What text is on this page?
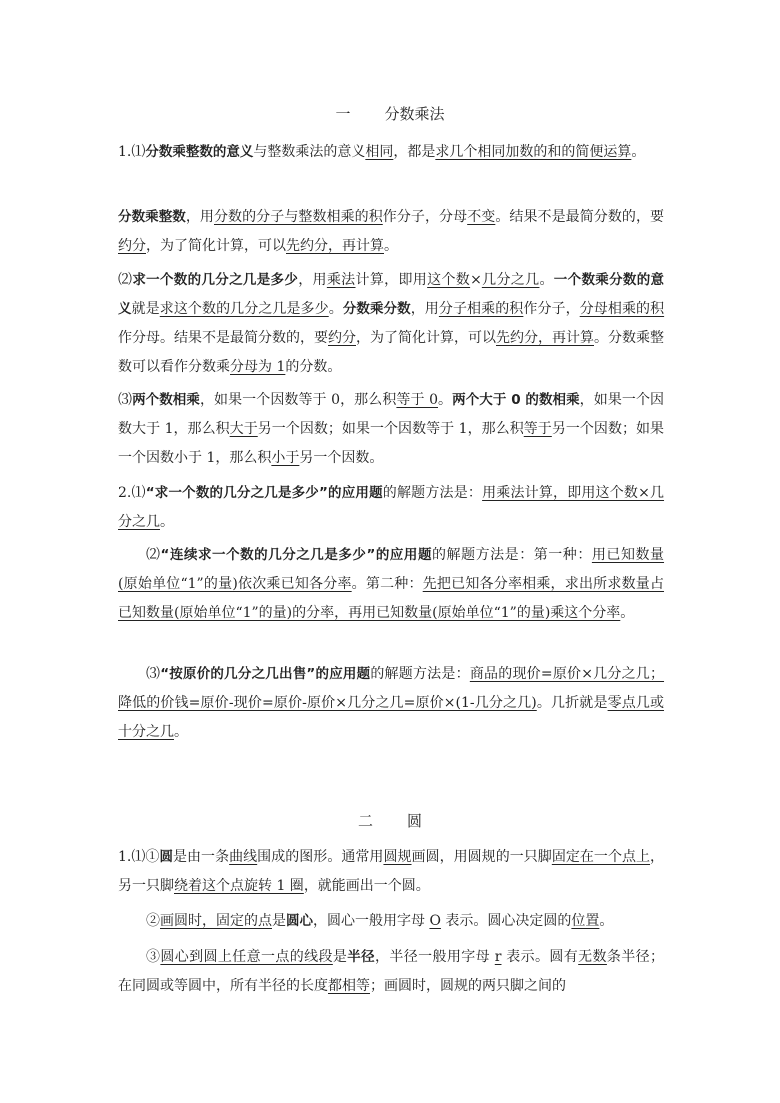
一 分数乘法

1.⑴分数乘整数的意义与整数乘法的意义相同，都是求几个相同加数的和的简便运算。

分数乘整数，用分数的分子与整数相乘的积作分子，分母不变。结果不是最简分数的，要约分，为了简化计算，可以先约分，再计算。

⑵求一个数的几分之几是多少，用乘法计算，即用这个数×几分之几。一个数乘分数的意义就是求这个数的几分之几是多少。分数乘分数，用分子相乘的积作分子，分母相乘的积作分母。结果不是最简分数的，要约分，为了简化计算，可以先约分，再计算。分数乘整数可以看作分数乘分母为 1的分数。

⑶两个数相乘，如果一个因数等于 0，那么积等于 0。两个大于 0 的数相乘，如果一个因数大于 1，那么积大于另一个因数；如果一个因数等于 1，那么积等于另一个因数；如果一个因数小于 1，那么积小于另一个因数。

2.⑴“求一个数的几分之几是多少”的应用题的解题方法是：用乘法计算，即用这个数×几分之几。

⑵“连续求一个数的几分之几是多少”的应用题的解题方法是：第一种：用已知数量(原始单位“1”的量)依次乘已知各分率。第二种：先把已知各分率相乘，求出所求数量占已知数量(原始单位“1”的量)的分率，再用已知数量(原始单位“1”的量)乘这个分率。

⑶“按原价的几分之几出售”的应用题的解题方法是：商品的现价=原价×几分之几；降低的价钱=原价-现价=原价-原价×几分之几=原价×(1-几分之几)。几折就是零点几或十分之几。

二 圆

1.⑴①圆是由一条曲线围成的图形。通常用圆规画圆，用圆规的一只脚固定在一个点上，另一只脚绕着这个点旋转 1 圈，就能画出一个圆。

②画圆时，固定的点是圆心，圆心一般用字母 O 表示。圆心决定圆的位置。

③圆心到圆上任意一点的线段是半径，半径一般用字母 r 表示。圆有无数条半径；在同圆或等圆中，所有半径的长度都相等；画圆时，圆规的两只脚之间的
